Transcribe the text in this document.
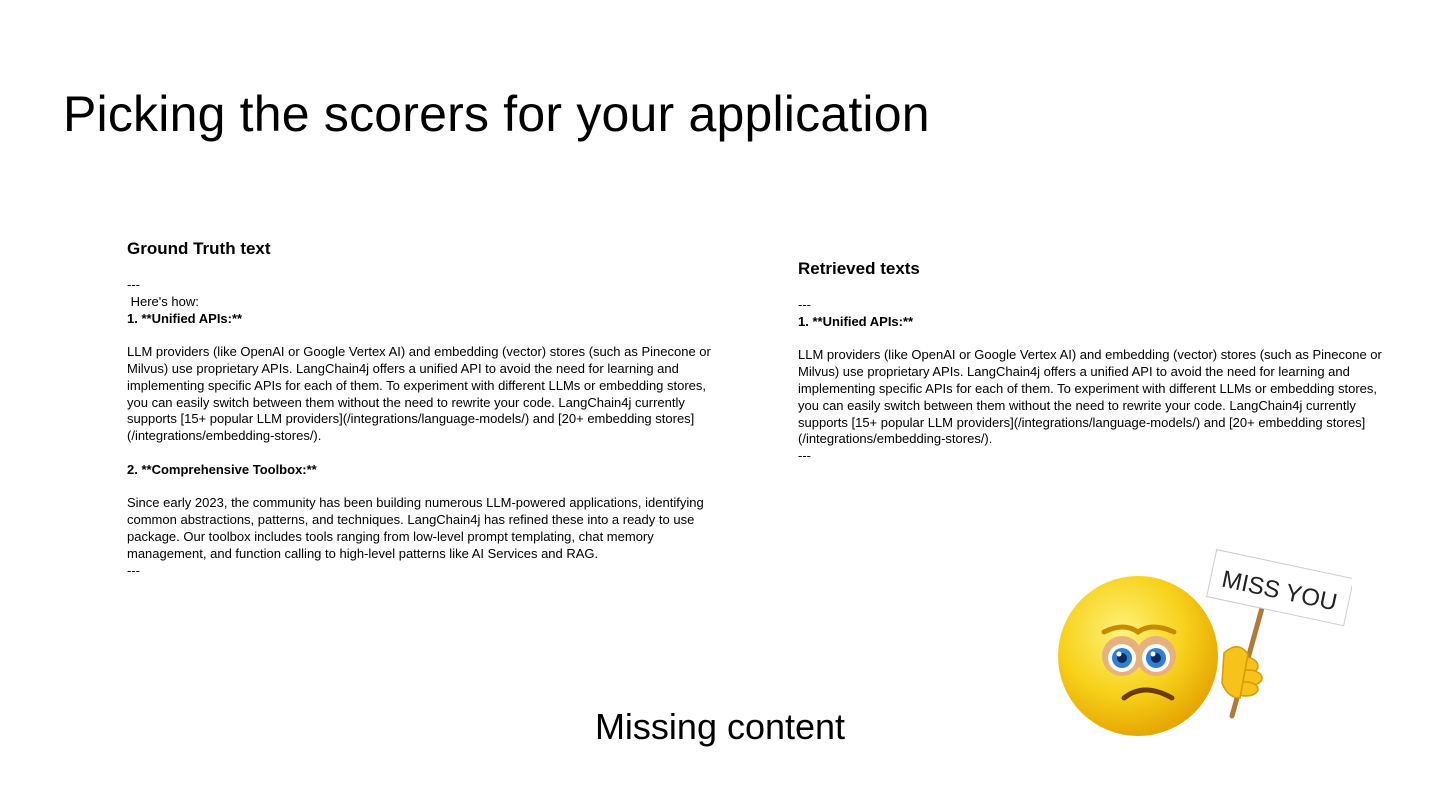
Picking the scorers for your application
Ground Truth text

---

Here's how:

1. **Unified APIs:**

LLM providers (like OpenAI or Google Vertex AI) and embedding (vector) stores (such as Pinecone or Milvus) use proprietary APIs. LangChain4j offers a unified API to avoid the need for learning and implementing specific APIs for each of them. To experiment with different LLMs or embedding stores, you can easily switch between them without the need to rewrite your code. LangChain4j currently supports [15+ popular LLM providers](/integrations/language-models/) and [20+ embedding stores](/integrations/embedding-stores/).

2. **Comprehensive Toolbox:**

Since early 2023, the community has been building numerous LLM-powered applications, identifying common abstractions, patterns, and techniques. LangChain4j has refined these into a ready to use package. Our toolbox includes tools ranging from low-level prompt templating, chat memory management, and function calling to high-level patterns like AI Services and RAG.

---

Retrieved texts

---

1. **Unified APIs:**

LLM providers (like OpenAI or Google Vertex AI) and embedding (vector) stores (such as Pinecone or Milvus) use proprietary APIs. LangChain4j offers a unified API to avoid the need for learning and implementing specific APIs for each of them. To experiment with different LLMs or embedding stores, you can easily switch between them without the need to rewrite your code. LangChain4j currently supports [15+ popular LLM providers](/integrations/language-models/) and [20+ embedding stores](/integrations/embedding-stores/).

---

Missing content
MISS YOU
